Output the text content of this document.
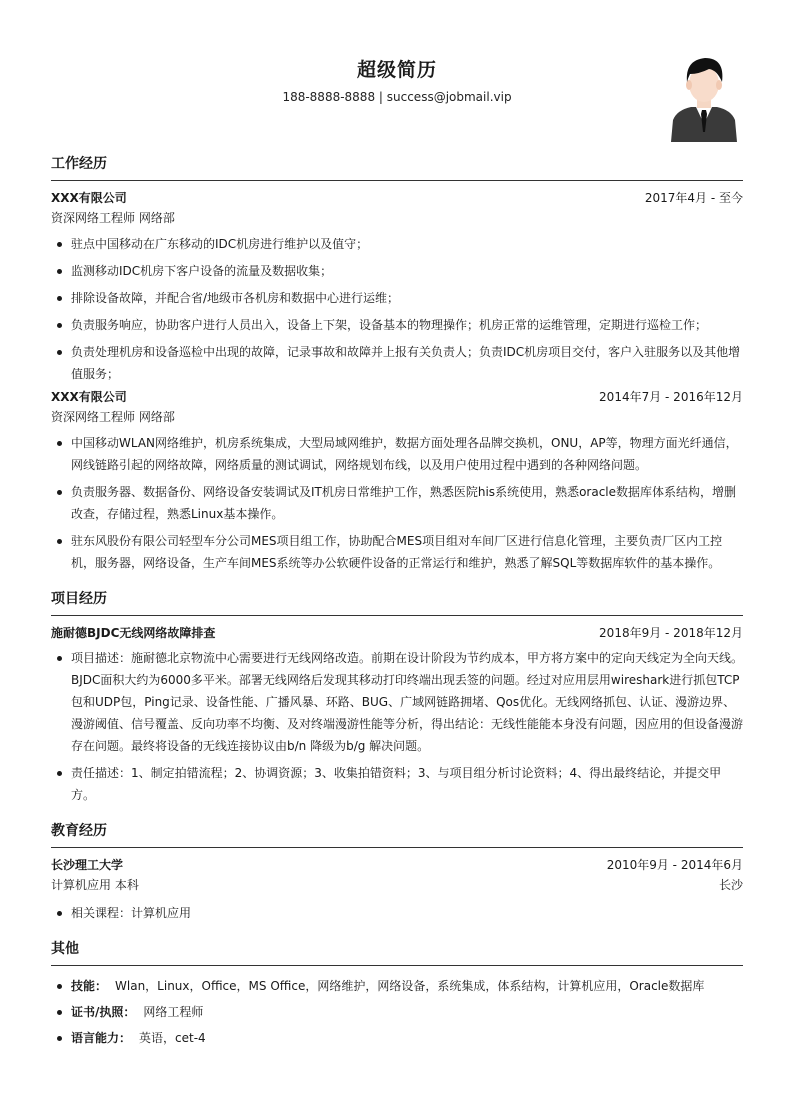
超级简历
188-8888-8888 | success@jobmail.vip
工作经历
XXX有限公司	2017年4月 - 至今
资深网络工程师 网络部
驻点中国移动在广东移动的IDC机房进行维护以及值守；
监测移动IDC机房下客户设备的流量及数据收集；
排除设备故障，并配合省/地级市各机房和数据中心进行运维；
负责服务响应，协助客户进行人员出入，设备上下架，设备基本的物理操作；机房正常的运维管理，定期进行巡检工作；
负责处理机房和设备巡检中出现的故障，记录事故和故障并上报有关负责人；负责IDC机房项目交付，客户入驻服务以及其他增值服务；
XXX有限公司	2014年7月 - 2016年12月
资深网络工程师 网络部
中国移动WLAN网络维护，机房系统集成，大型局域网维护，数据方面处理各品牌交换机，ONU，AP等，物理方面光纤通信，网线链路引起的网络故障，网络质量的测试调试，网络规划布线，以及用户使用过程中遇到的各种网络问题。
负责服务器、数据备份、网络设备安装调试及IT机房日常维护工作，熟悉医院his系统使用，熟悉oracle数据库体系结构，增删改查，存储过程，熟悉Linux基本操作。
驻东风股份有限公司轻型车分公司MES项目组工作，协助配合MES项目组对车间厂区进行信息化管理，主要负责厂区内工控机，服务器，网络设备，生产车间MES系统等办公软硬件设备的正常运行和维护，熟悉了解SQL等数据库软件的基本操作。
项目经历
施耐德BJDC无线网络故障排查	2018年9月 - 2018年12月
项目描述：施耐德北京物流中心需要进行无线网络改造。前期在设计阶段为节约成本，甲方将方案中的定向天线定为全向天线。BJDC面积大约为6000多平米。部署无线网络后发现其移动打印终端出现丢签的问题。经过对应用层用wireshark进行抓包TCP包和UDP包，Ping记录、设备性能、广播风暴、环路、BUG、广域网链路拥堵、Qos优化。无线网络抓包、认证、漫游边界、漫游阈值、信号覆盖、反向功率不均衡、及对终端漫游性能等分析，得出结论：无线性能能本身没有问题，因应用的但设备漫游存在问题。最终将设备的无线连接协议由b/n 降级为b/g 解决问题。
责任描述：1、制定拍错流程；2、协调资源；3、收集拍错资料；3、与项目组分析讨论资料；4、得出最终结论，并提交甲方。
教育经历
长沙理工大学	2010年9月 - 2014年6月
计算机应用 本科	长沙
相关课程：计算机应用
其他
技能： Wlan，Linux，Office，MS Office，网络维护，网络设备，系统集成，体系结构，计算机应用，Oracle数据库
证书/执照： 网络工程师
语言能力： 英语，cet-4
